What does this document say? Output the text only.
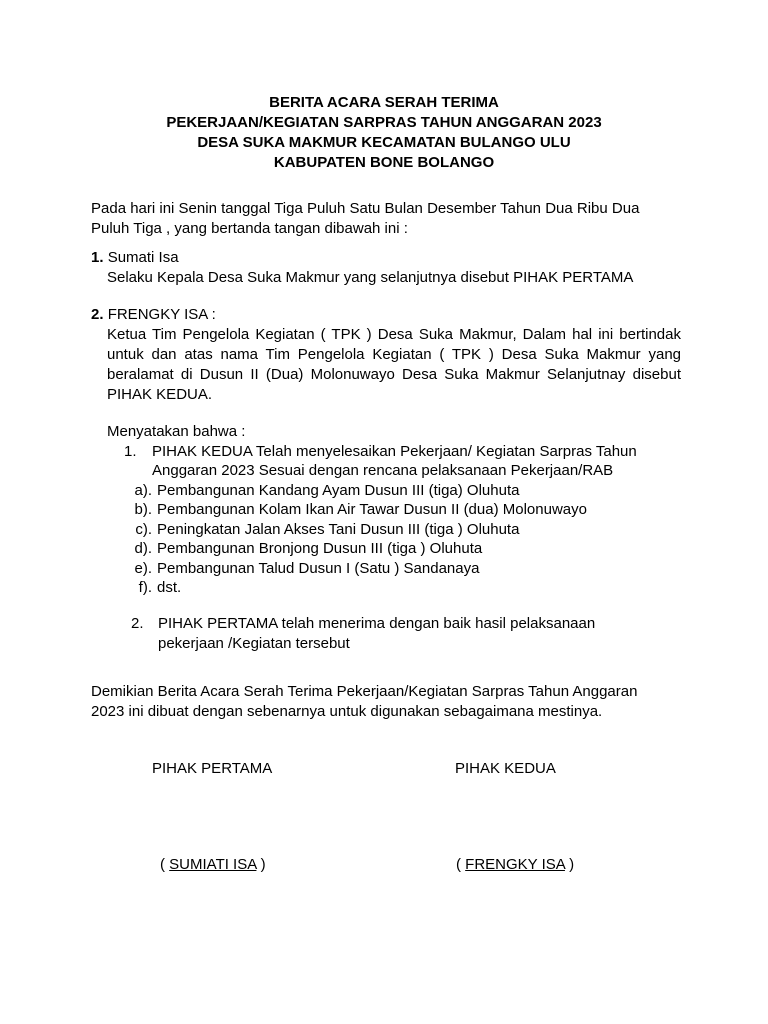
BERITA ACARA SERAH TERIMA
PEKERJAAN/KEGIATAN SARPRAS TAHUN ANGGARAN 2023
DESA SUKA MAKMUR KECAMATAN BULANGO ULU
KABUPATEN BONE BOLANGO
Pada hari ini Senin tanggal Tiga Puluh Satu Bulan Desember Tahun Dua Ribu Dua
Puluh Tiga , yang bertanda tangan dibawah ini :
1. Sumati Isa
Selaku Kepala Desa Suka Makmur yang selanjutnya disebut PIHAK PERTAMA
2. FRENGKY ISA :
Ketua Tim Pengelola Kegiatan ( TPK ) Desa Suka Makmur, Dalam hal ini bertindak untuk dan atas nama Tim Pengelola Kegiatan ( TPK ) Desa Suka Makmur yang beralamat di Dusun II (Dua) Molonuwayo Desa Suka Makmur Selanjutnay disebut PIHAK KEDUA.
Menyatakan bahwa :
1. PIHAK KEDUA Telah menyelesaikan Pekerjaan/ Kegiatan Sarpras Tahun
Anggaran 2023 Sesuai dengan rencana pelaksanaan Pekerjaan/RAB
a). Pembangunan Kandang Ayam Dusun III (tiga) Oluhuta
b). Pembangunan Kolam Ikan Air Tawar Dusun II (dua) Molonuwayo
c). Peningkatan Jalan Akses Tani Dusun III (tiga ) Oluhuta
d). Pembangunan Bronjong Dusun III (tiga ) Oluhuta
e). Pembangunan Talud Dusun I (Satu ) Sandanaya
f). dst.
2. PIHAK PERTAMA telah menerima dengan baik hasil pelaksanaan
pekerjaan /Kegiatan tersebut
Demikian Berita Acara Serah Terima Pekerjaan/Kegiatan Sarpras Tahun Anggaran
2023 ini dibuat dengan sebenarnya untuk digunakan sebagaimana mestinya.
PIHAK PERTAMA	PIHAK KEDUA
( SUMIATI ISA )	( FRENGKY ISA )
